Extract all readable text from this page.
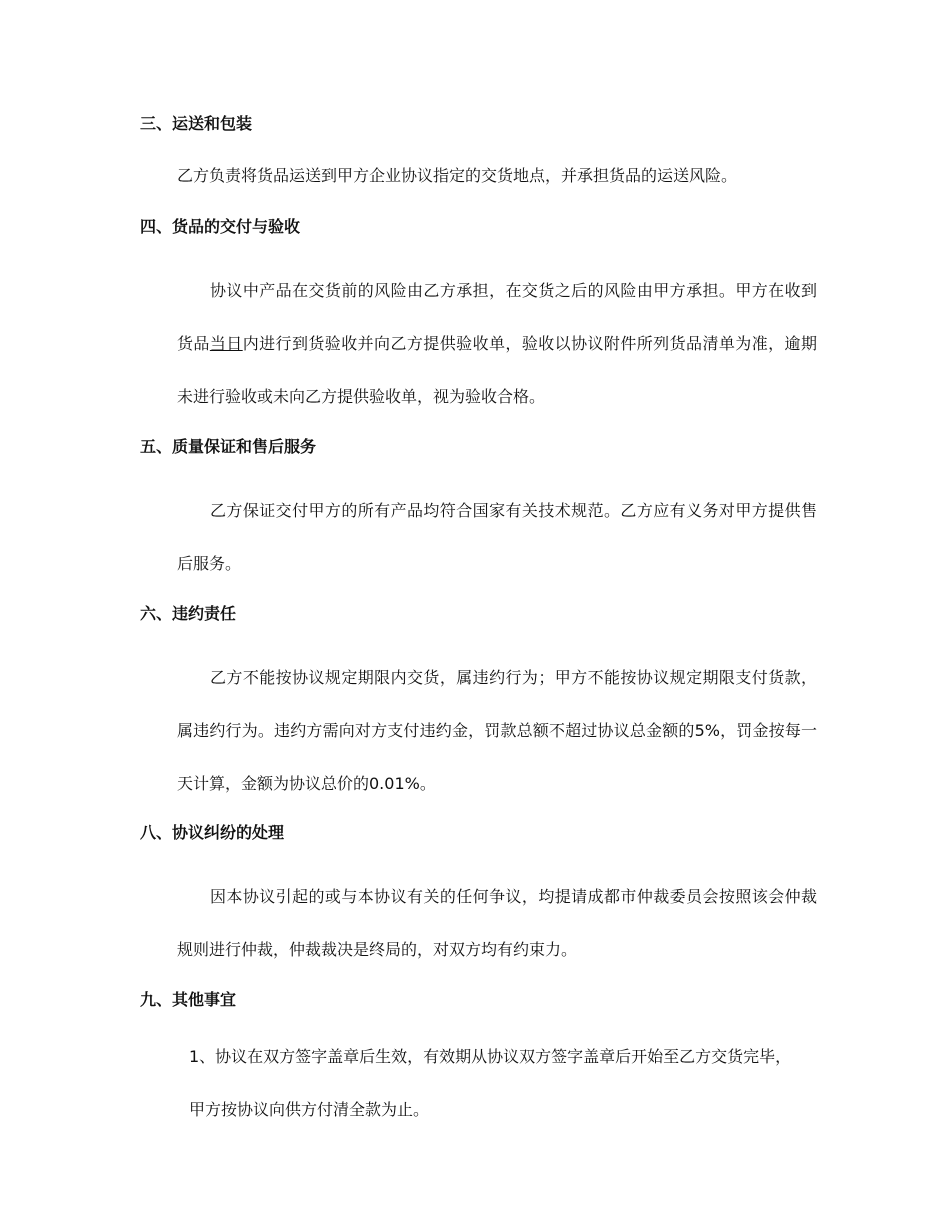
三、运送和包装
乙方负责将货品运送到甲方企业协议指定的交货地点，并承担货品的运送风险。
四、货品的交付与验收
协议中产品在交货前的风险由乙方承担，在交货之后的风险由甲方承担。甲方在收到货品当日内进行到货验收并向乙方提供验收单，验收以协议附件所列货品清单为准，逾期未进行验收或未向乙方提供验收单，视为验收合格。
五、质量保证和售后服务
乙方保证交付甲方的所有产品均符合国家有关技术规范。乙方应有义务对甲方提供售后服务。
六、违约责任
乙方不能按协议规定期限内交货，属违约行为；甲方不能按协议规定期限支付货款，属违约行为。违约方需向对方支付违约金，罚款总额不超过协议总金额的5%，罚金按每一天计算，金额为协议总价的0.01%。
八、协议纠纷的处理
因本协议引起的或与本协议有关的任何争议，均提请成都市仲裁委员会按照该会仲裁规则进行仲裁，仲裁裁决是终局的，对双方均有约束力。
九、其他事宜
1、协议在双方签字盖章后生效，有效期从协议双方签字盖章后开始至乙方交货完毕，
甲方按协议向供方付清全款为止。
